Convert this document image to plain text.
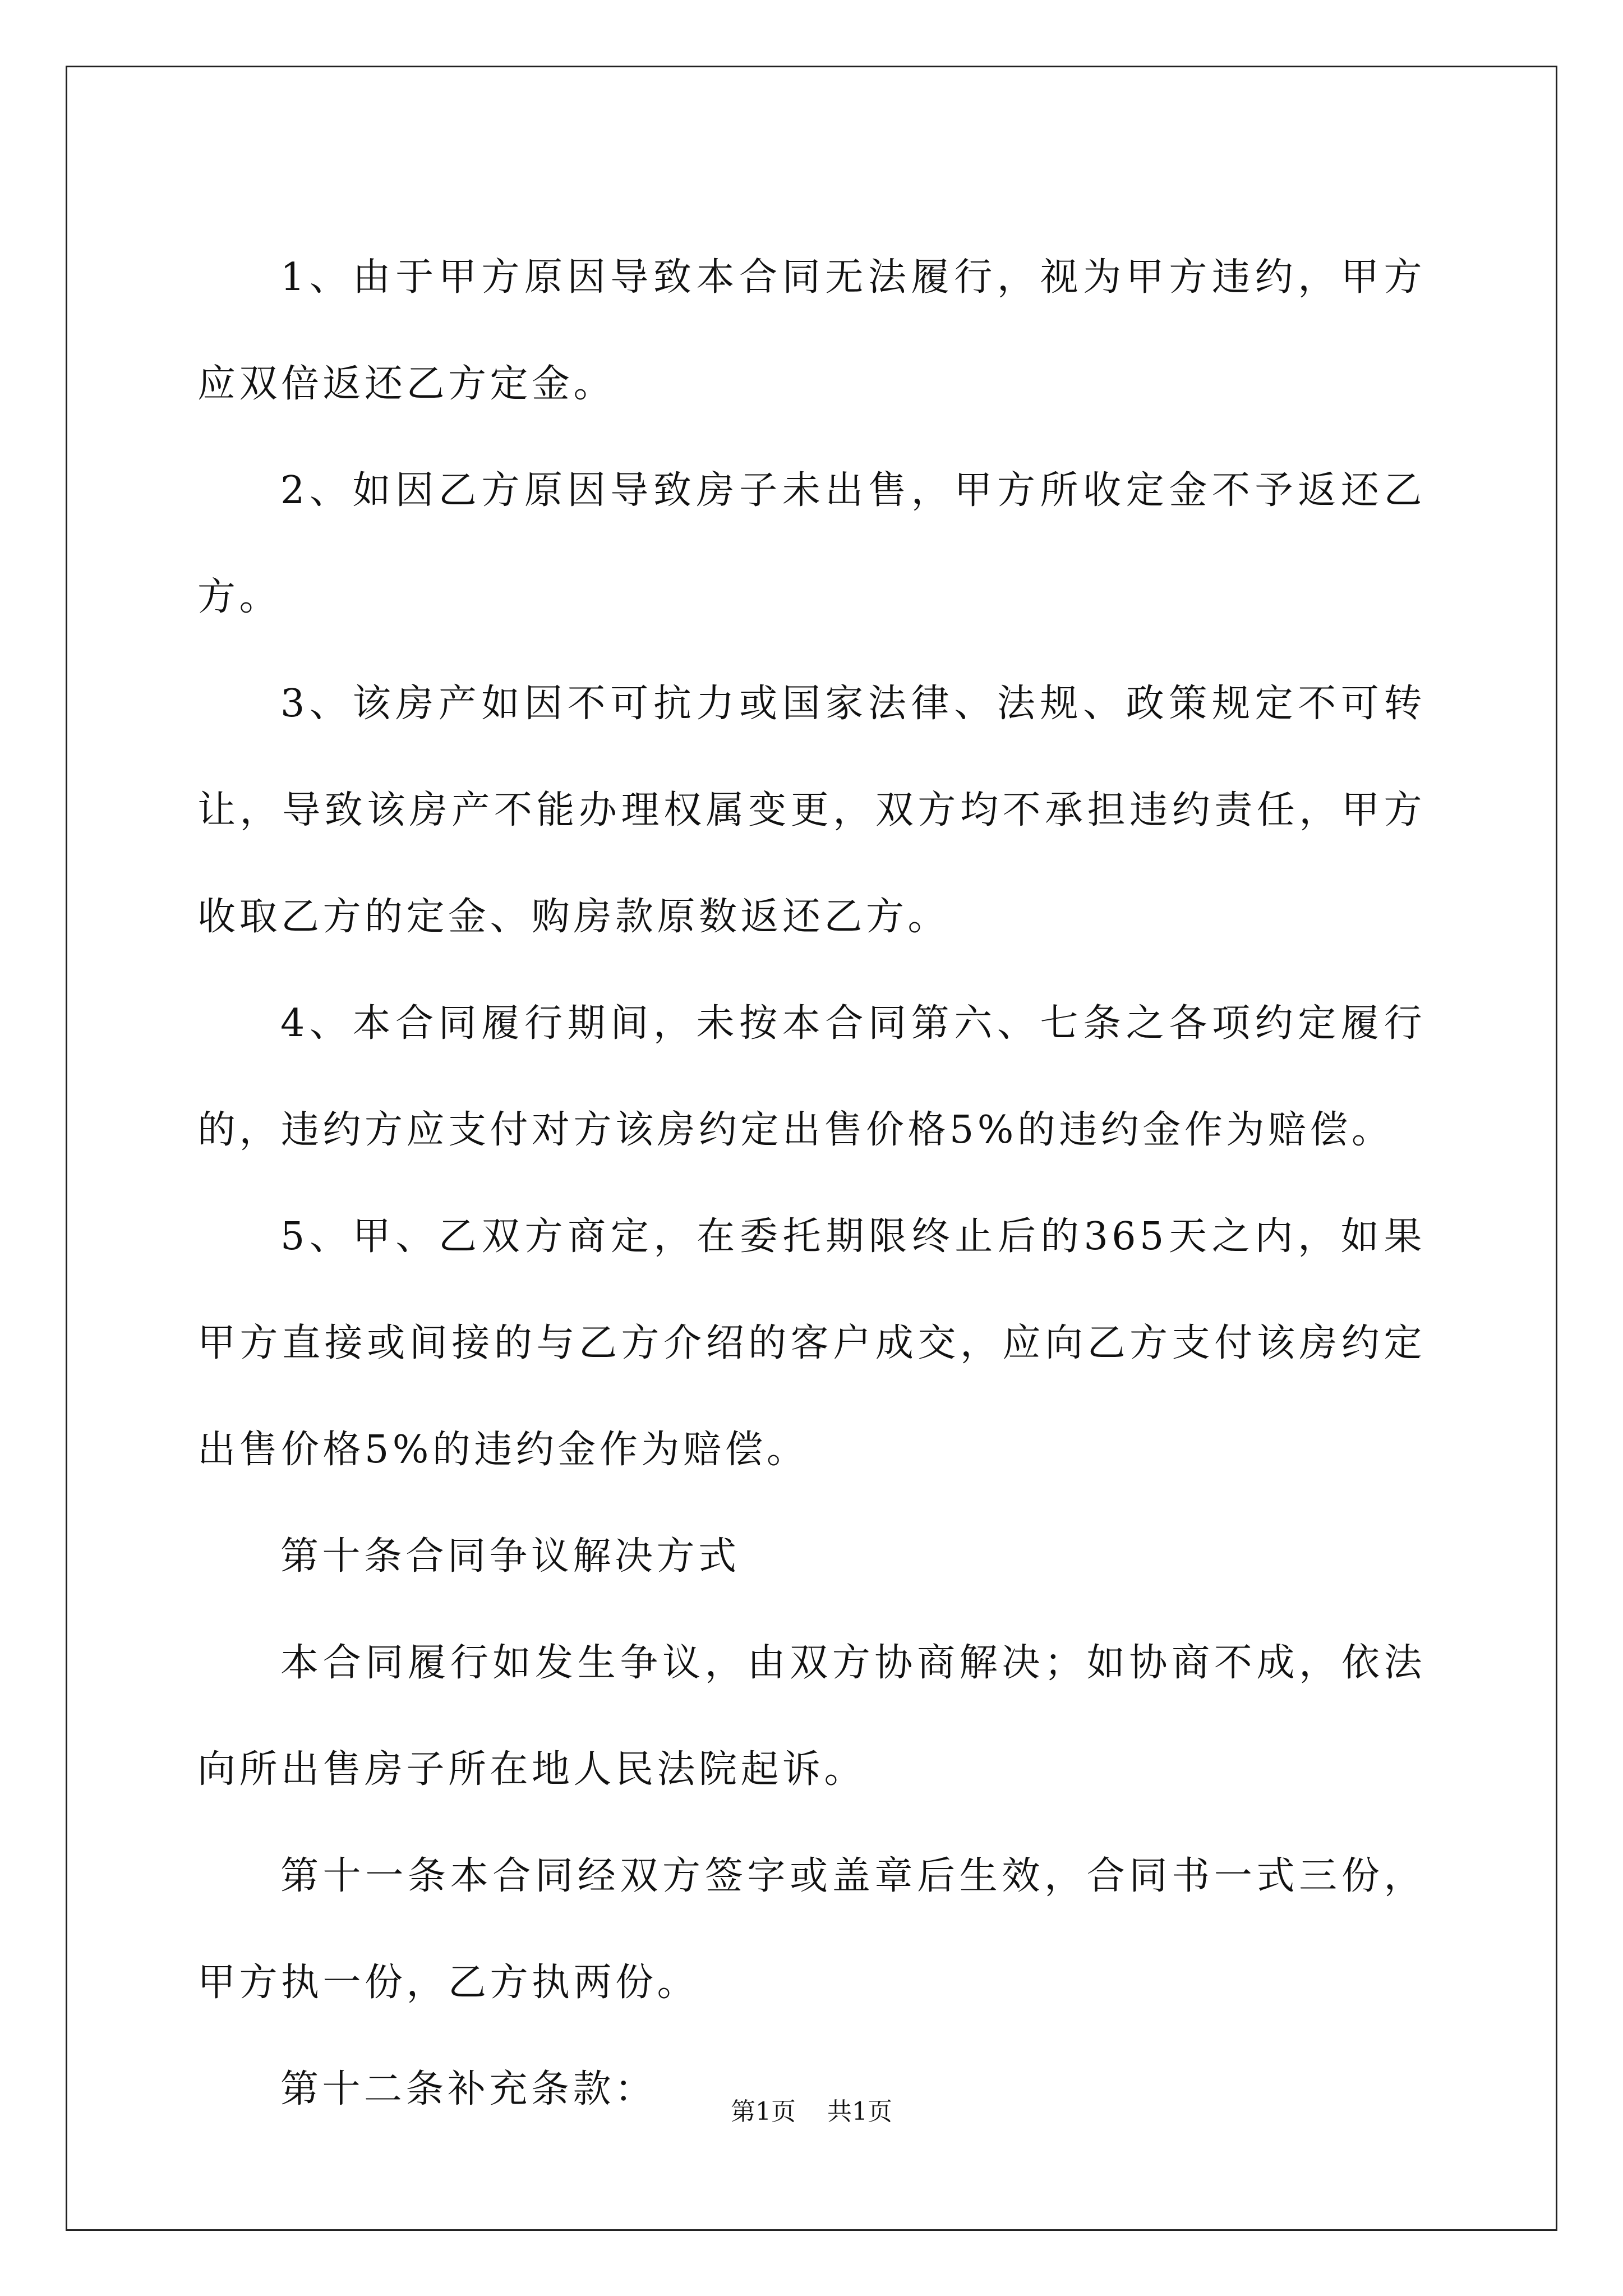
1、由于甲方原因导致本合同无法履行，视为甲方违约，甲方应双倍返还乙方定金。

2、如因乙方原因导致房子未出售，甲方所收定金不予返还乙方。

3、该房产如因不可抗力或国家法律、法规、政策规定不可转让，导致该房产不能办理权属变更，双方均不承担违约责任，甲方收取乙方的定金、购房款原数返还乙方。

4、本合同履行期间，未按本合同第六、七条之各项约定履行的，违约方应支付对方该房约定出售价格5%的违约金作为赔偿。

5、甲、乙双方商定，在委托期限终止后的365天之内，如果甲方直接或间接的与乙方介绍的客户成交，应向乙方支付该房约定出售价格5%的违约金作为赔偿。

第十条合同争议解决方式

本合同履行如发生争议，由双方协商解决；如协商不成，依法向所出售房子所在地人民法院起诉。

第十一条本合同经双方签字或盖章后生效，合同书一式三份，甲方执一份，乙方执两份。

第十二条补充条款：

第1页 共1页
